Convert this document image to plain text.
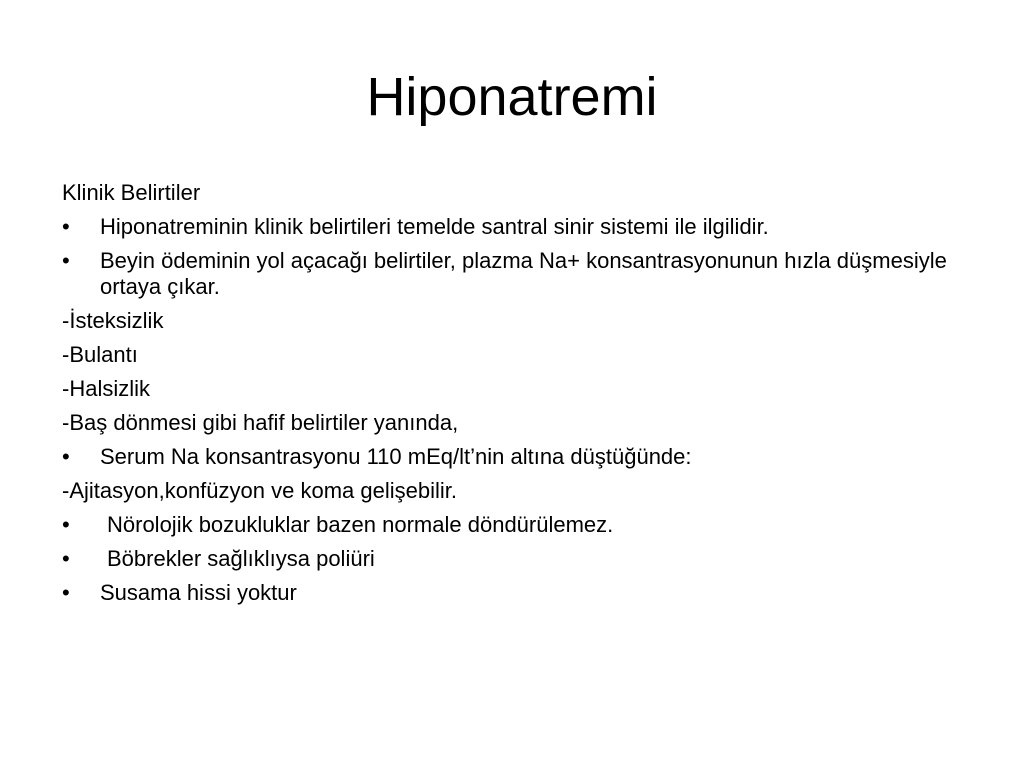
Hiponatremi
Klinik Belirtiler
• Hiponatreminin klinik belirtileri temelde santral sinir sistemi ile ilgilidir.
• Beyin ödeminin yol açacağı belirtiler, plazma Na+ konsantrasyonunun hızla düşmesiyle ortaya çıkar.
-İsteksizlik
-Bulantı
-Halsizlik
-Baş dönmesi gibi hafif belirtiler yanında,
• Serum Na konsantrasyonu 110 mEq/lt’nin altına düştüğünde:
-Ajitasyon,konfüzyon ve koma gelişebilir.
• Nörolojik bozukluklar bazen normale döndürülemez.
• Böbrekler sağlıklıysa poliüri
• Susama hissi yoktur
